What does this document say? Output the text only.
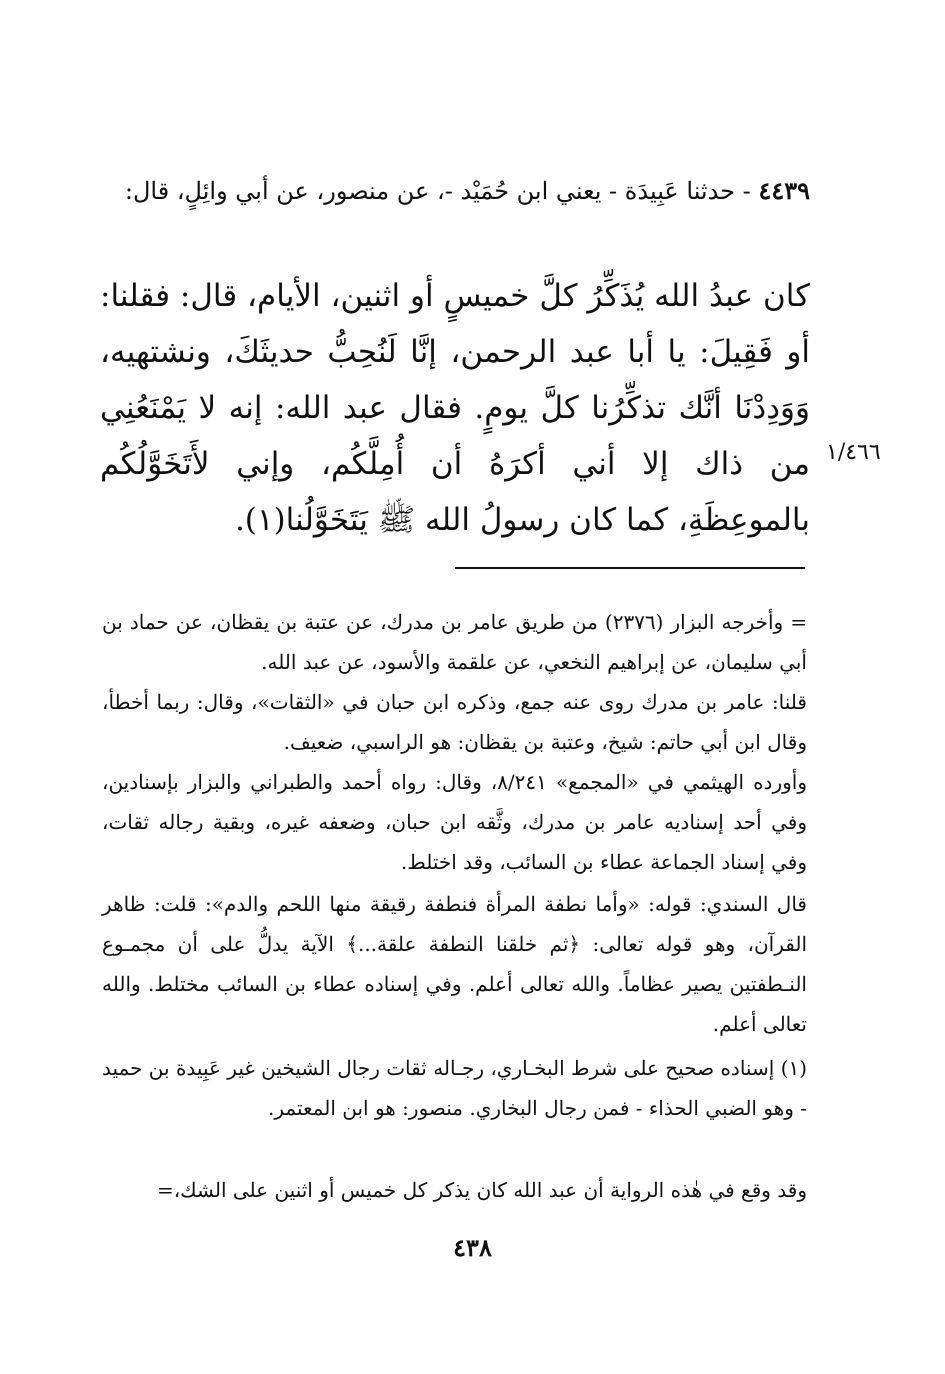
٤٤٣٩ - حدثنا عَبِيدَة - يعني ابن حُمَيْد -، عن منصور، عن أبي وائِلٍ، قال:

كان عبدُ الله يُذَكِّرُ كلَّ خميسٍ أو اثنين، الأيام، قال: فقلنا: أو فَقِيلَ: يا أبا عبد الرحمن، إنَّا لَنُحِبُّ حديثَكَ، ونشتهيه، وَوَدِدْنَا أنَّك تذكِّرُنا كلَّ يومٍ. فقال عبد الله: إنه لا يَمْنَعُنِي من ذاك إلا أني أكرَهُ أن أُمِلَّكُم، وإني لأَتَخَوَّلُكُم بالموعِظَةِ، كما كان رسولُ الله ﷺ يَتَخَوَّلُنا(١).

١/٤٦٦

= وأخرجه البزار (٢٣٧٦) من طريق عامر بن مدرك، عن عتبة بن يقظان، عن حماد بن أبي سليمان، عن إبراهيم النخعي، عن علقمة والأسود، عن عبد الله.

قلنا: عامر بن مدرك روى عنه جمع، وذكره ابن حبان في «الثقات»، وقال: ربما أخطأ، وقال ابن أبي حاتم: شيخ، وعتبة بن يقظان: هو الراسبي، ضعيف.

وأورده الهيثمي في «المجمع» ٨/٢٤١، وقال: رواه أحمد والطبراني والبزار بإسنادين، وفي أحد إسناديه عامر بن مدرك، وثَّقه ابن حبان، وضعفه غيره، وبقية رجاله ثقات، وفي إسناد الجماعة عطاء بن السائب، وقد اختلط.

قال السندي: قوله: «وأما نطفة المرأة فنطفة رقيقة منها اللحم والدم»: قلت: ظاهر القرآن، وهو قوله تعالى: ﴿ثم خلقنا النطفة علقة...﴾ الآية يدلُّ على أن مجمـوع النـطفتين يصير عظاماً. والله تعالى أعلم. وفي إسناده عطاء بن السائب مختلط. والله تعالى أعلم.

(١) إسناده صحيح على شرط البخـاري، رجـاله ثقات رجال الشيخين غير عَبِيدة بن حميد - وهو الضبي الحذاء - فمن رجال البخاري. منصور: هو ابن المعتمر.

وقد وقع في هٰذه الرواية أن عبد الله كان يذكر كل خميس أو اثنين على الشك،=

٤٣٨
